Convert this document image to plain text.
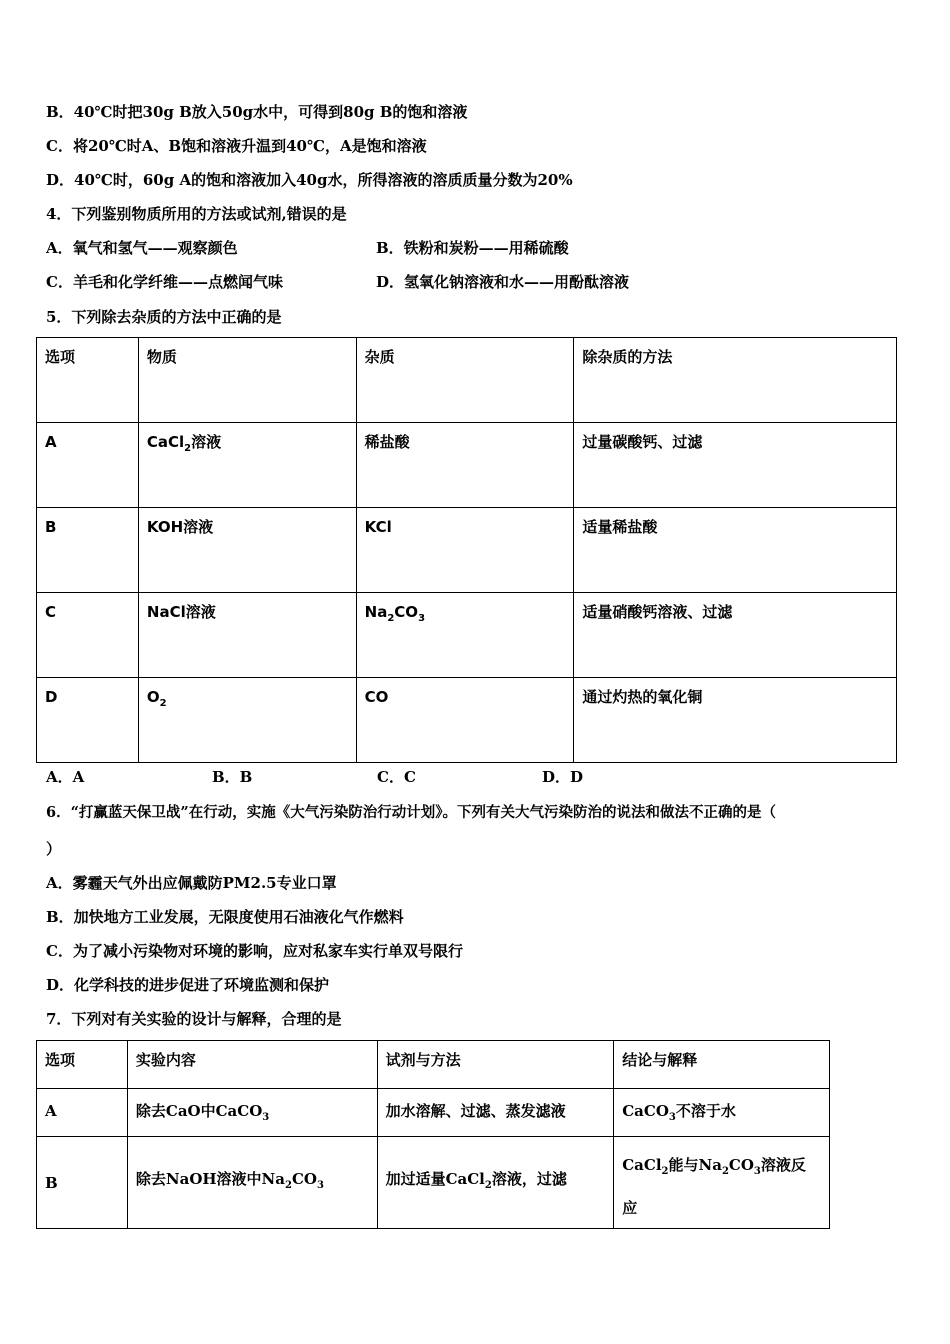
B．40℃时把30g B放入50g水中，可得到80g B的饱和溶液
C．将20℃时A、B饱和溶液升温到40℃，A是饱和溶液
D．40℃时，60g A的饱和溶液加入40g水，所得溶液的溶质质量分数为20%
4．下列鉴别物质所用的方法或试剂,错误的是
A．氧气和氢气——观察颜色	B．铁粉和炭粉——用稀硫酸
C．羊毛和化学纤维——点燃闻气味	D．氢氧化钠溶液和水——用酚酞溶液
5．下列除去杂质的方法中正确的是
选项	物质	杂质	除杂质的方法

A	CaCl$_2$溶液	稀盐酸	过量碳酸钙、过滤

B	KOH溶液	KCl	适量稀盐酸

C	NaCl溶液	$Na_2CO_3$	适量硝酸钙溶液、过滤

D	$O_2$	CO	通过灼热的氧化铜
A．A	B．B	C．C	D．D
6．“打赢蓝天保卫战”在行动，实施《大气污染防治行动计划》。下列有关大气污染防治的说法和做法不正确的是（
）
A．雾霾天气外出应佩戴防PM2.5专业口罩
B．加快地方工业发展，无限度使用石油液化气作燃料
C．为了减小污染物对环境的影响，应对私家车实行单双号限行
D．化学科技的进步促进了环境监测和保护
7．下列对有关实验的设计与解释，合理的是
选项	实验内容	试剂与方法	结论与解释

A	除去CaO中CaCO$_3$	加水溶解、过滤、蒸发滤液	CaCO$_3$不溶于水

B	除去NaOH溶液中$Na_2CO_3$	加过适量CaCl$_2$溶液，过滤	CaCl$_2$能与$Na_2CO_3$溶液反
应
